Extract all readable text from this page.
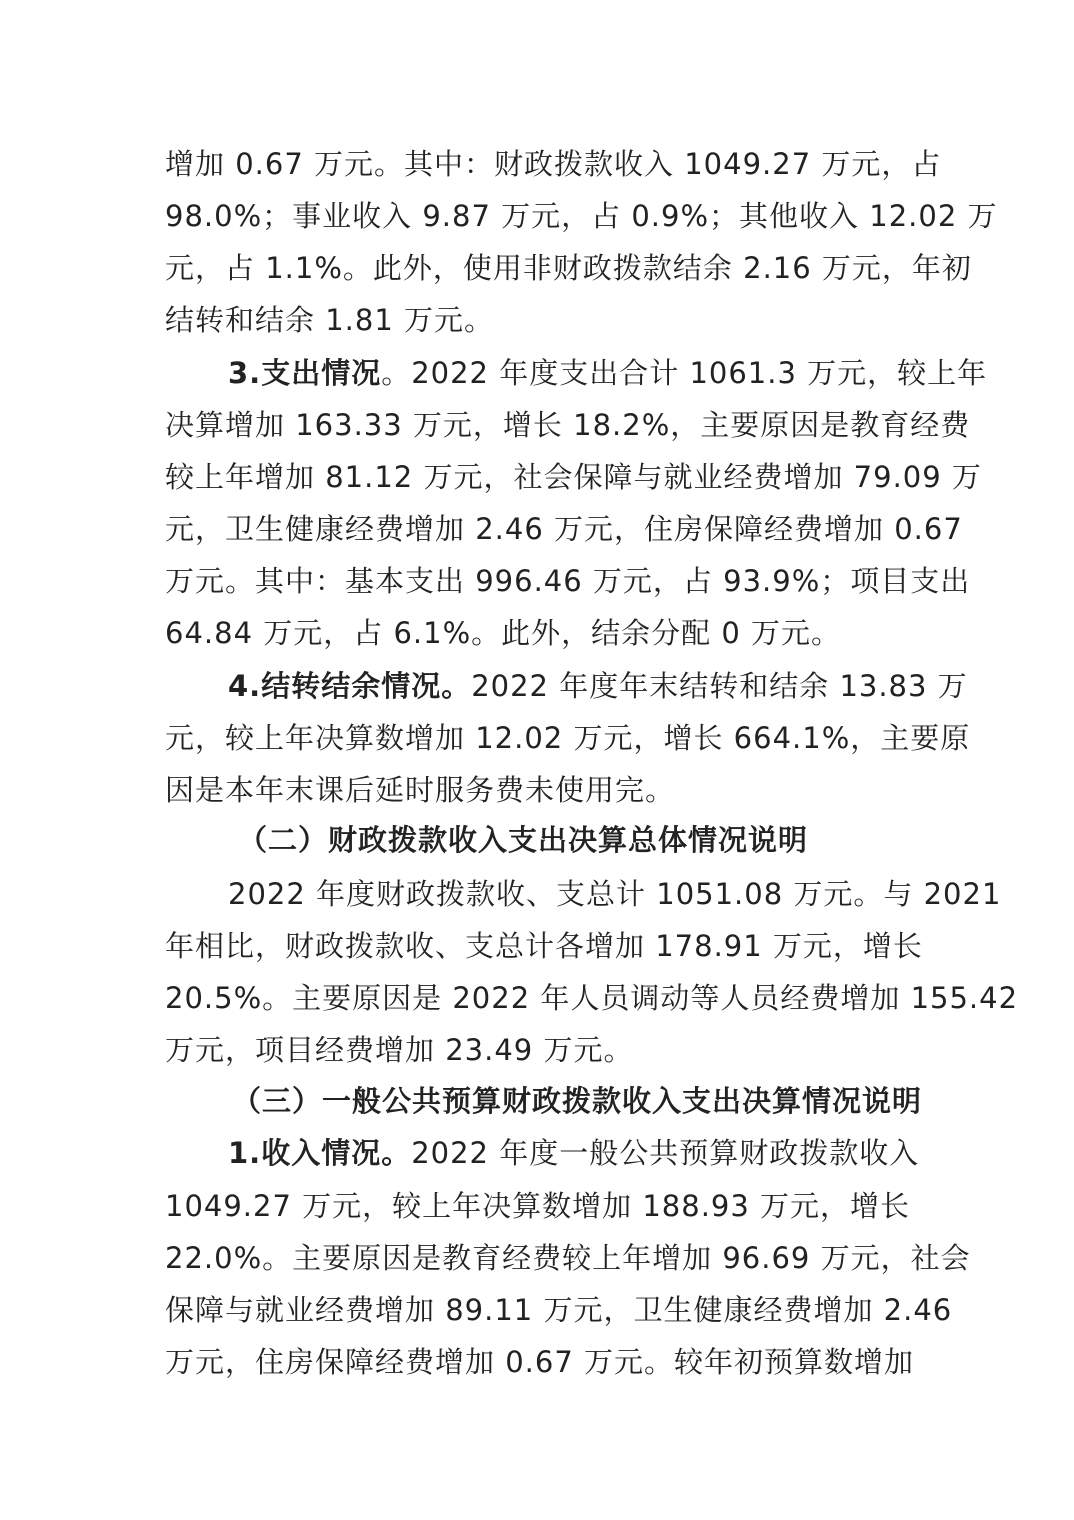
增加 0.67 万元。其中：财政拨款收入 1049.27 万元，占
98.0%；事业收入 9.87 万元，占 0.9%；其他收入 12.02 万
元，占 1.1%。此外，使用非财政拨款结余 2.16 万元，年初
结转和结余 1.81 万元。
3.支出情况。2022 年度支出合计 1061.3 万元，较上年
决算增加 163.33 万元，增长 18.2%，主要原因是教育经费
较上年增加 81.12 万元，社会保障与就业经费增加 79.09 万
元，卫生健康经费增加 2.46 万元，住房保障经费增加 0.67
万元。其中：基本支出 996.46 万元，占 93.9%；项目支出
64.84 万元，占 6.1%。此外，结余分配 0 万元。
4.结转结余情况。2022 年度年末结转和结余 13.83 万
元，较上年决算数增加 12.02 万元，增长 664.1%，主要原
因是本年末课后延时服务费未使用完。
（二）财政拨款收入支出决算总体情况说明
2022 年度财政拨款收、支总计 1051.08 万元。与 2021
年相比，财政拨款收、支总计各增加 178.91 万元，增长
20.5%。主要原因是 2022 年人员调动等人员经费增加 155.42
万元，项目经费增加 23.49 万元。
（三）一般公共预算财政拨款收入支出决算情况说明
1.收入情况。2022 年度一般公共预算财政拨款收入
1049.27 万元，较上年决算数增加 188.93 万元，增长
22.0%。主要原因是教育经费较上年增加 96.69 万元，社会
保障与就业经费增加 89.11 万元，卫生健康经费增加 2.46
万元，住房保障经费增加 0.67 万元。较年初预算数增加
